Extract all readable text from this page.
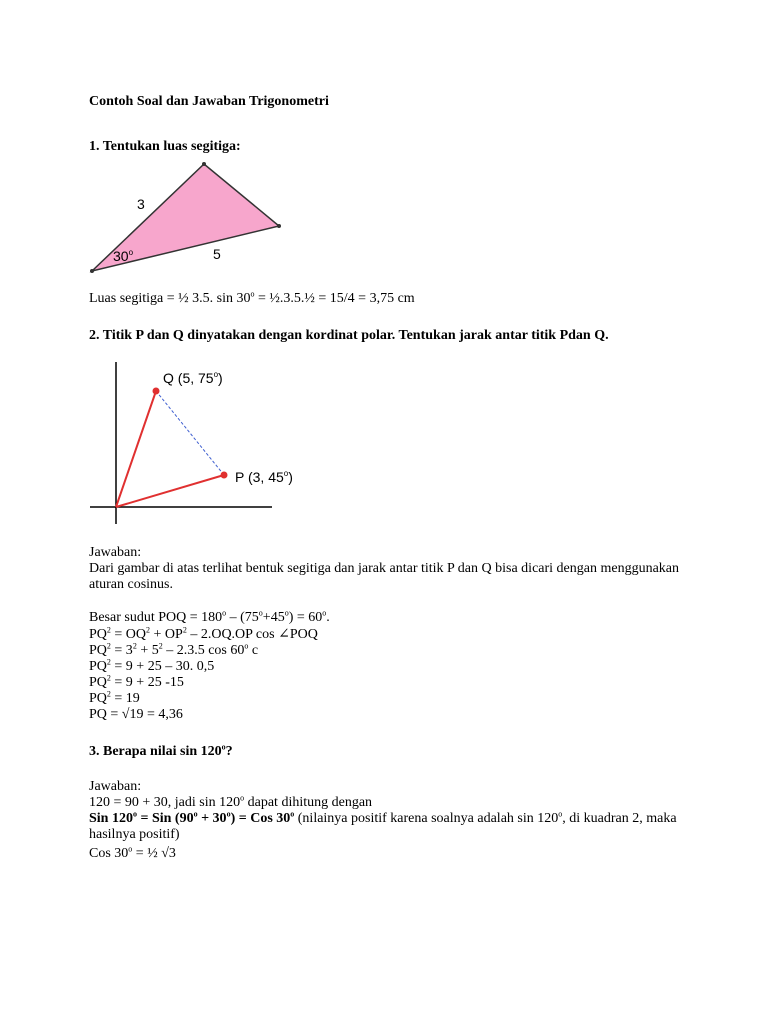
Contoh Soal dan Jawaban Trigonometri
1. Tentukan luas segitiga:
3
5
30$^o$
Luas segitiga = ½ 3.5. $\sin 30^o$ = ½.3.5.½ = 15/4 = 3,75 cm
2. Titik P dan Q dinyatakan dengan kordinat polar. Tentukan jarak antar titik Pdan Q.
Q (5, 75$^o$)
P (3, 45$^o$)
Jawaban:
Dari gambar di atas terlihat bentuk segitiga dan jarak antar titik P dan Q bisa dicari dengan menggunakan aturan cosinus.
Besar sudut POQ = $180^o - (75^o+45^o) = 60^o$.
$PQ^2 = OQ^2 + OP^2 - 2.OQ.OP$ cos ∠POQ
$PQ^2 = 3^2 + 5^2 - 2.3.5$ cos 60$^o$ c
$PQ^2 = 9 + 25 - 30$. 0,5
$PQ^2 = 9 + 25$ -15
$PQ^2 = 19$
PQ = √19 = 4,36
3. Berapa nilai sin 120$^o$?
Jawaban:
120 = 90 + 30, jadi sin 120$^o$ dapat dihitung dengan
Sin $120^o$ = Sin $(90^o + 30^o)$ = Cos 30$^o$ (nilainya positif karena soalnya adalah sin 120$^o$, di kuadran 2, maka hasilnya positif)
Cos $30^o$ = ½ √3
